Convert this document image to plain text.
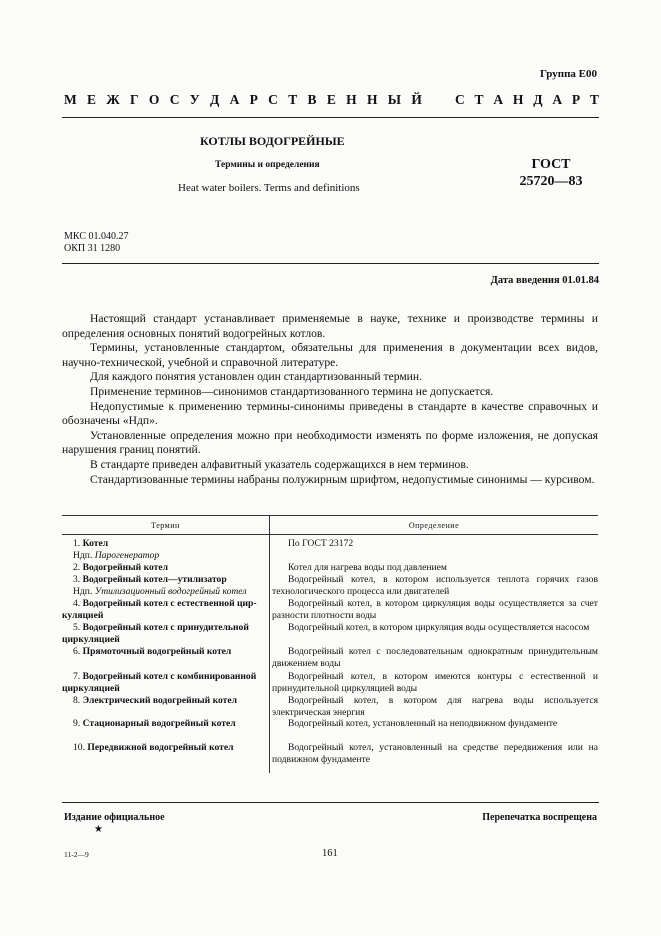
Группа Е00
М Е Ж Г О С У Д А Р С Т В Е Н Н Ы Й С Т А Н Д А Р Т
КОТЛЫ ВОДОГРЕЙНЫЕ
Термины и определения
Heat water boilers. Terms and definitions
ГОСТ
25720—83
МКС 01.040.27
ОКП 31 1280
Дата введения 01.01.84

Настоящий стандарт устанавливает применяемые в науке, технике и производстве термины и определения основных понятий водогрейных котлов.

Термины, установленные стандартом, обязательны для применения в документации всех видов, научно-технической, учебной и справочной литературе.

Для каждого понятия установлен один стандартизованный термин.

Применение терминов—синонимов стандартизованного термина не допускается.

Недопустимые к применению термины-синонимы приведены в стандарте в качестве справочных и обозначены «Ндп».

Установленные определения можно при необходимости изменять по форме изложения, не допуская нарушения границ понятий.

В стандарте приведен алфавитный указатель содержащихся в нем терминов.

Стандартизованные термины набраны полужирным шрифтом, недопустимые синонимы — курсивом.

Термин	Определение
1. Котел
Ндп. Парогенератор
2. Водогрейный котел
3. Водогрейный котел—утилизатор
Ндп. Утилизационный водогрейный котел
4. Водогрейный котел с естественной цир-
куляцией
5. Водогрейный котел с принудительной
циркуляцией
6. Прямоточный водогрейный котел
7. Водогрейный котел с комбинированной
циркуляцией
8. Электрический водогрейный котел
9. Стационарный водогрейный котел
10. Передвижной водогрейный котел

По ГОСТ 23172

Котел для нагрева воды под давлением

Водогрейный котел, в котором используется теплота горячих газов технологического процесса или двигателей

Водогрейный котел, в котором циркуляция воды осуществляется за счет разности плотности воды

Водогрейный котел, в котором циркуляция воды осуществляется насосом

Водогрейный котел с последовательным однократным принудительным движением воды

Водогрейный котел, в котором имеются контуры с естественной и принудительной циркуляцией воды

Водогрейный котел, в котором для нагрева воды используется электрическая энергия

Водогрейный котел, установленный на неподвижном фундаменте

Водогрейный котел, установленный на средстве передвижения или на подвижном фундаменте

Издание официальное
★
Перепечатка воспрещена
11-2—9	161
